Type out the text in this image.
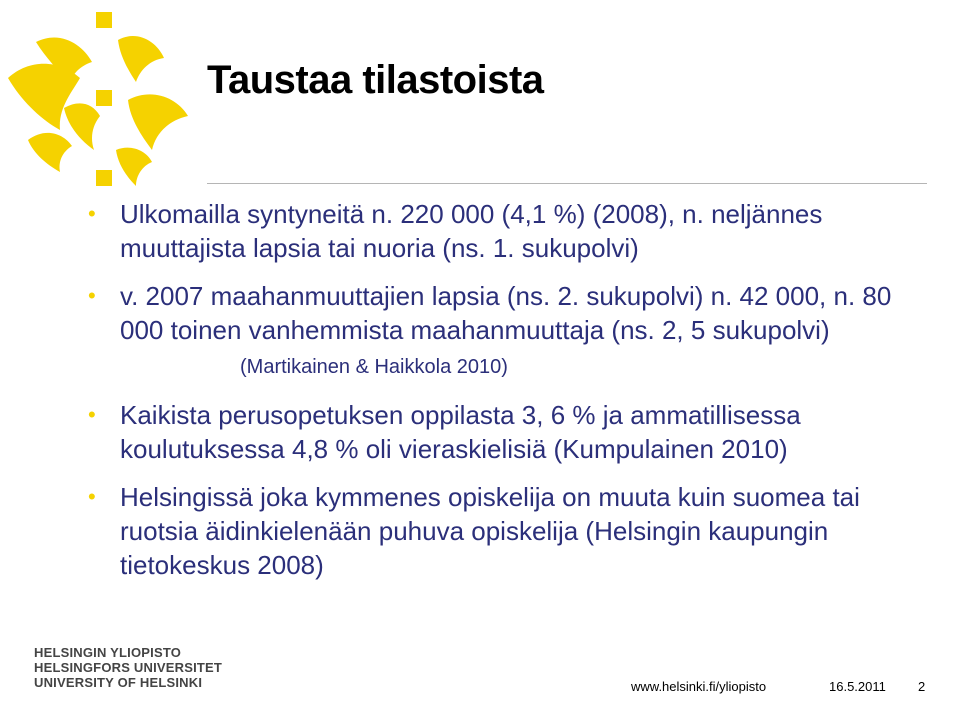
Taustaa tilastoista
• Ulkomailla syntyneitä n. 220 000 (4,1 %) (2008), n. neljännes muuttajista lapsia tai nuoria (ns. 1. sukupolvi)
• v. 2007 maahanmuuttajien lapsia (ns. 2. sukupolvi) n. 42 000, n. 80 000 toinen vanhemmista maahanmuuttaja (ns. 2, 5 sukupolvi)(Martikainen & Haikkola 2010)
• Kaikista perusopetuksen oppilasta 3, 6 % ja ammatillisessa koulutuksessa 4,8 % oli vieraskielisiä (Kumpulainen 2010)
• Helsingissä joka kymmenes opiskelija on muuta kuin suomea tai ruotsia äidinkielenään puhuva opiskelija (Helsingin kaupungin tietokeskus 2008)
HELSINGIN YLIOPISTO
HELSINGFORS UNIVERSITET
UNIVERSITY OF HELSINKI	www.helsinki.fi/yliopisto	16.5.2011 2
